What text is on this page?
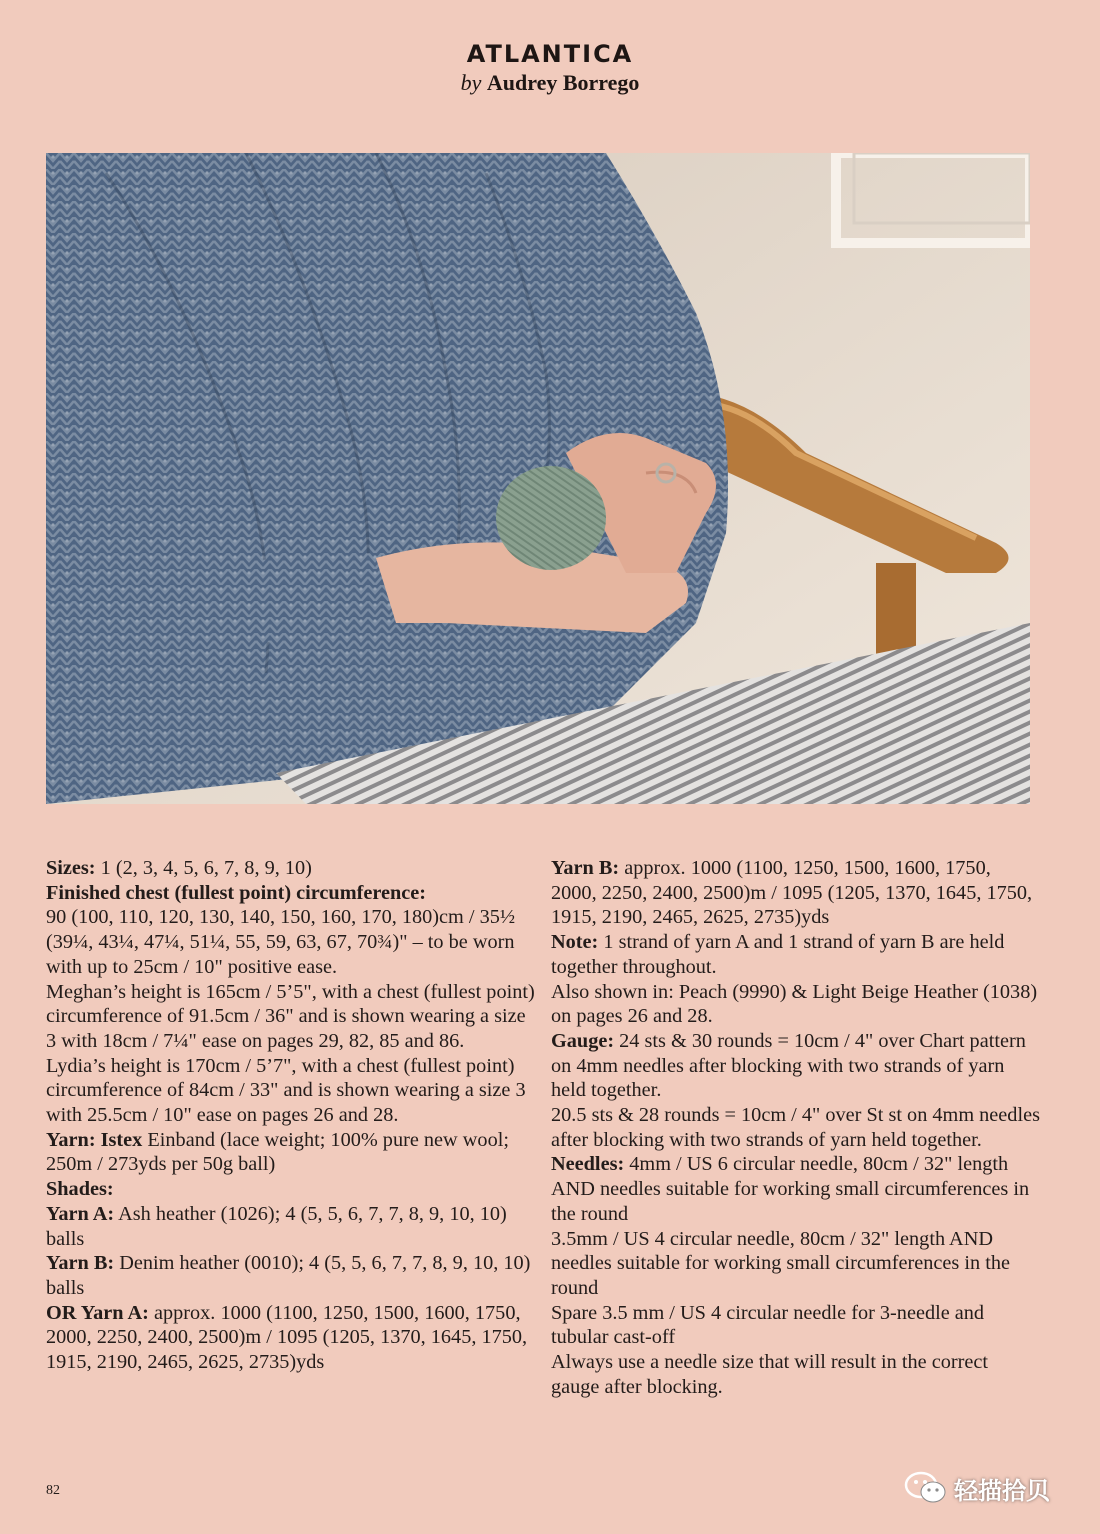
ATLANTICA
by Audrey Borrego

Sizes: 1 (2, 3, 4, 5, 6, 7, 8, 9, 10)

Finished chest (fullest point) circumference:

90 (100, 110, 120, 130, 140, 150, 160, 170, 180)cm / 35½ (39¼, 43¼, 47¼, 51¼, 55, 59, 63, 67, 70¾)" – to be worn with up to 25cm / 10" positive ease.

Meghan’s height is 165cm / 5’5", with a chest (fullest point) circumference of 91.5cm / 36" and is shown wearing a size 3 with 18cm / 7¼" ease on pages 29, 82, 85 and 86.

Lydia’s height is 170cm / 5’7", with a chest (fullest point) circumference of 84cm / 33" and is shown wearing a size 3 with 25.5cm / 10" ease on pages 26 and 28.

Yarn: Istex Einband (lace weight; 100% pure new wool; 250m / 273yds per 50g ball)

Shades:

Yarn A: Ash heather (1026); 4 (5, 5, 6, 7, 7, 8, 9, 10, 10) balls

Yarn B: Denim heather (0010); 4 (5, 5, 6, 7, 7, 8, 9, 10, 10) balls

OR Yarn A: approx. 1000 (1100, 1250, 1500, 1600, 1750, 2000, 2250, 2400, 2500)m / 1095 (1205, 1370, 1645, 1750, 1915, 2190, 2465, 2625, 2735)yds

Yarn B: approx. 1000 (1100, 1250, 1500, 1600, 1750, 2000, 2250, 2400, 2500)m / 1095 (1205, 1370, 1645, 1750, 1915, 2190, 2465, 2625, 2735)yds

Note: 1 strand of yarn A and 1 strand of yarn B are held together throughout.

Also shown in: Peach (9990) & Light Beige Heather (1038) on pages 26 and 28.

Gauge: 24 sts & 30 rounds = 10cm / 4" over Chart pattern on 4mm needles after blocking with two strands of yarn held together.

20.5 sts & 28 rounds = 10cm / 4" over St st on 4mm needles after blocking with two strands of yarn held together.

Needles: 4mm / US 6 circular needle, 80cm / 32" length AND needles suitable for working small circumferences in the round

3.5mm / US 4 circular needle, 80cm / 32" length AND needles suitable for working small circumferences in the round

Spare 3.5 mm / US 4 circular needle for 3-needle and tubular cast-off

Always use a needle size that will result in the correct gauge after blocking.

82	轻描拾贝
